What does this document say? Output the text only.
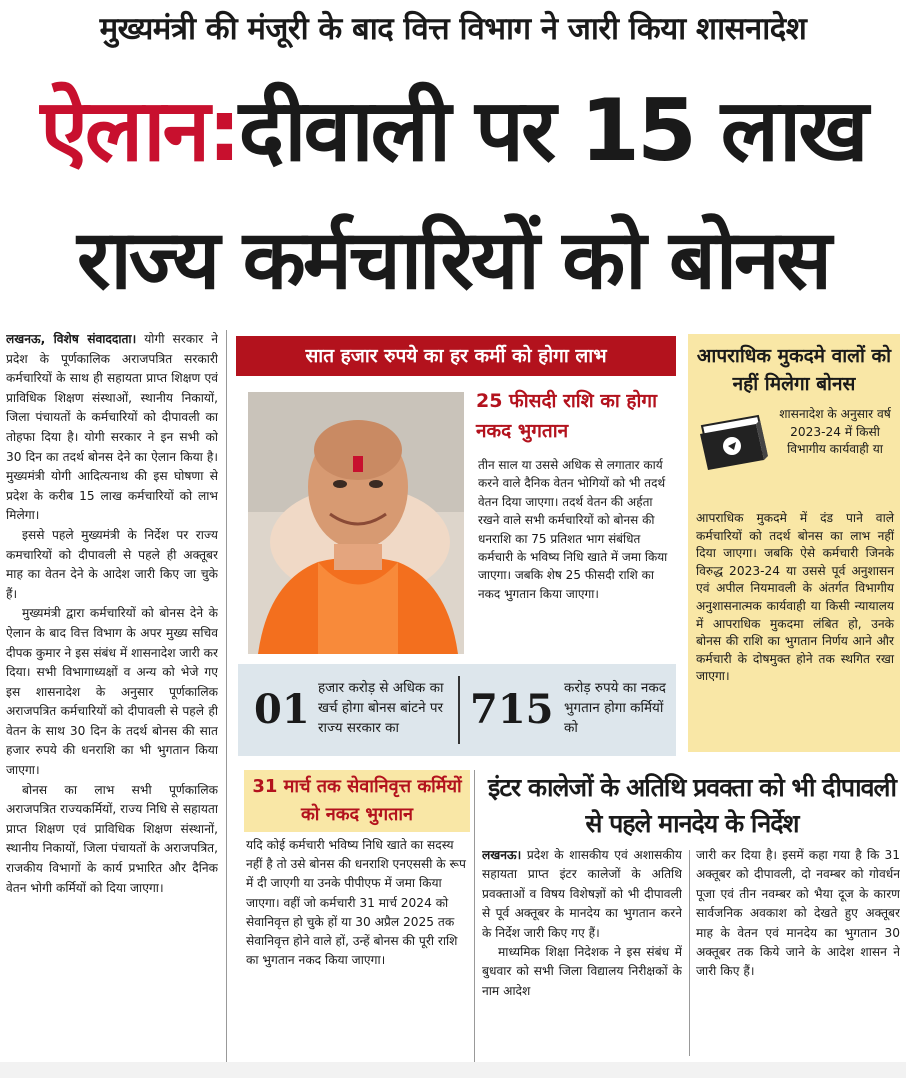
मुख्यमंत्री की मंजूरी के बाद वित्त विभाग ने जारी किया शासनादेश
ऐलान:दीवाली पर 15 लाख
राज्य कर्मचारियों को बोनस

लखनऊ, विशेष संवाददाता। योगी सरकार ने प्रदेश के पूर्णकालिक अराजपत्रित सरकारी कर्मचारियों के साथ ही सहायता प्राप्त शिक्षण एवं प्राविधिक शिक्षण संस्थाओं, स्थानीय निकायों, जिला पंचायतों के कर्मचारियों को दीपावली का तोहफा दिया है। योगी सरकार ने इन सभी को 30 दिन का तदर्थ बोनस देने का ऐलान किया है। मुख्यमंत्री योगी आदित्यनाथ की इस घोषणा से प्रदेश के करीब 15 लाख कर्मचारियों को लाभ मिलेगा।

इससे पहले मुख्यमंत्री के निर्देश पर राज्य कमचारियों को दीपावली से पहले ही अक्तूबर माह का वेतन देने के आदेश जारी किए जा चुके हैं।

मुख्यमंत्री द्वारा कर्मचारियों को बोनस देने के ऐलान के बाद वित्त विभाग के अपर मुख्य सचिव दीपक कुमार ने इस संबंध में शासनादेश जारी कर दिया। सभी विभागाध्यक्षों व अन्य को भेजे गए इस शासनादेश के अनुसार पूर्णकालिक अराजपत्रित कर्मचारियों को दीपावली से पहले ही वेतन के साथ 30 दिन के तदर्थ बोनस की सात हजार रुपये की धनराशि का भी भुगतान किया जाएगा।

बोनस का लाभ सभी पूर्णकालिक अराजपत्रित राज्यकर्मियों, राज्य निधि से सहायता प्राप्त शिक्षण एवं प्राविधिक शिक्षण संस्थानों, स्थानीय निकायों, जिला पंचायतों के अराजपत्रित, राजकीय विभागों के कार्य प्रभारित और दैनिक वेतन भोगी कर्मियों को दिया जाएगा।

सात हजार रुपये का हर कर्मी को होगा लाभ
25 फीसदी राशि का होगा नकद भुगतान
तीन साल या उससे अधिक से लगातार कार्य करने वाले दैनिक वेतन भोगियों को भी तदर्थ वेतन दिया जाएगा। तदर्थ वेतन की अर्हता रखने वाले सभी कर्मचारियों को बोनस की धनराशि का 75 प्रतिशत भाग संबंधित कर्मचारी के भविष्य निधि खाते में जमा किया जाएगा। जबकि शेष 25 फीसदी राशि का नकद भुगतान किया जाएगा।
01 हजार करोड़ से अधिक का खर्च होगा बोनस बांटने पर राज्य सरकार का	715 करोड़ रुपये का नकद भुगतान होगा कर्मियों को
आपराधिक मुकदमे वालों को नहीं मिलेगा बोनस
शासनादेश के अनुसार वर्ष 2023-24 में किसी विभागीय कार्यवाही या
आपराधिक मुकदमे में दंड पाने वाले कर्मचारियों को तदर्थ बोनस का लाभ नहीं दिया जाएगा। जबकि ऐसे कर्मचारी जिनके विरुद्ध 2023-24 या उससे पूर्व अनुशासन एवं अपील नियमावली के अंतर्गत विभागीय अनुशासनात्मक कार्यवाही या किसी न्यायालय में आपराधिक मुकदमा लंबित हो, उनके बोनस की राशि का भुगतान निर्णय आने और कर्मचारी के दोषमुक्त होने तक स्थगित रखा जाएगा।
31 मार्च तक सेवानिवृत्त कर्मियों को नकद भुगतान
यदि कोई कर्मचारी भविष्य निधि खाते का सदस्य नहीं है तो उसे बोनस की धनराशि एनएससी के रूप में दी जाएगी या उनके पीपीएफ में जमा किया जाएगा। वहीं जो कर्मचारी 31 मार्च 2024 को सेवानिवृत्त हो चुके हों या 30 अप्रैल 2025 तक सेवानिवृत्त होने वाले हों, उन्हें बोनस की पूरी राशि का भुगतान नकद किया जाएगा।
इंटर कालेजों के अतिथि प्रवक्ता को भी दीपावली से पहले मानदेय के निर्देश

लखनऊ। प्रदेश के शासकीय एवं अशासकीय सहायता प्राप्त इंटर कालेजों के अतिथि प्रवक्ताओं व विषय विशेषज्ञों को भी दीपावली से पूर्व अक्तूबर के मानदेय का भुगतान करने के निर्देश जारी किए गए हैं।

माध्यमिक शिक्षा निदेशक ने इस संबंध में बुधवार को सभी जिला विद्यालय निरीक्षकों के नाम आदेश

जारी कर दिया है। इसमें कहा गया है कि 31 अक्तूबर को दीपावली, दो नवम्बर को गोवर्धन पूजा एवं तीन नवम्बर को भैया दूज के कारण सार्वजनिक अवकाश को देखते हुए अक्तूबर माह के वेतन एवं मानदेय का भुगतान 30 अक्तूबर तक किये जाने के आदेश शासन ने जारी किए हैं।
